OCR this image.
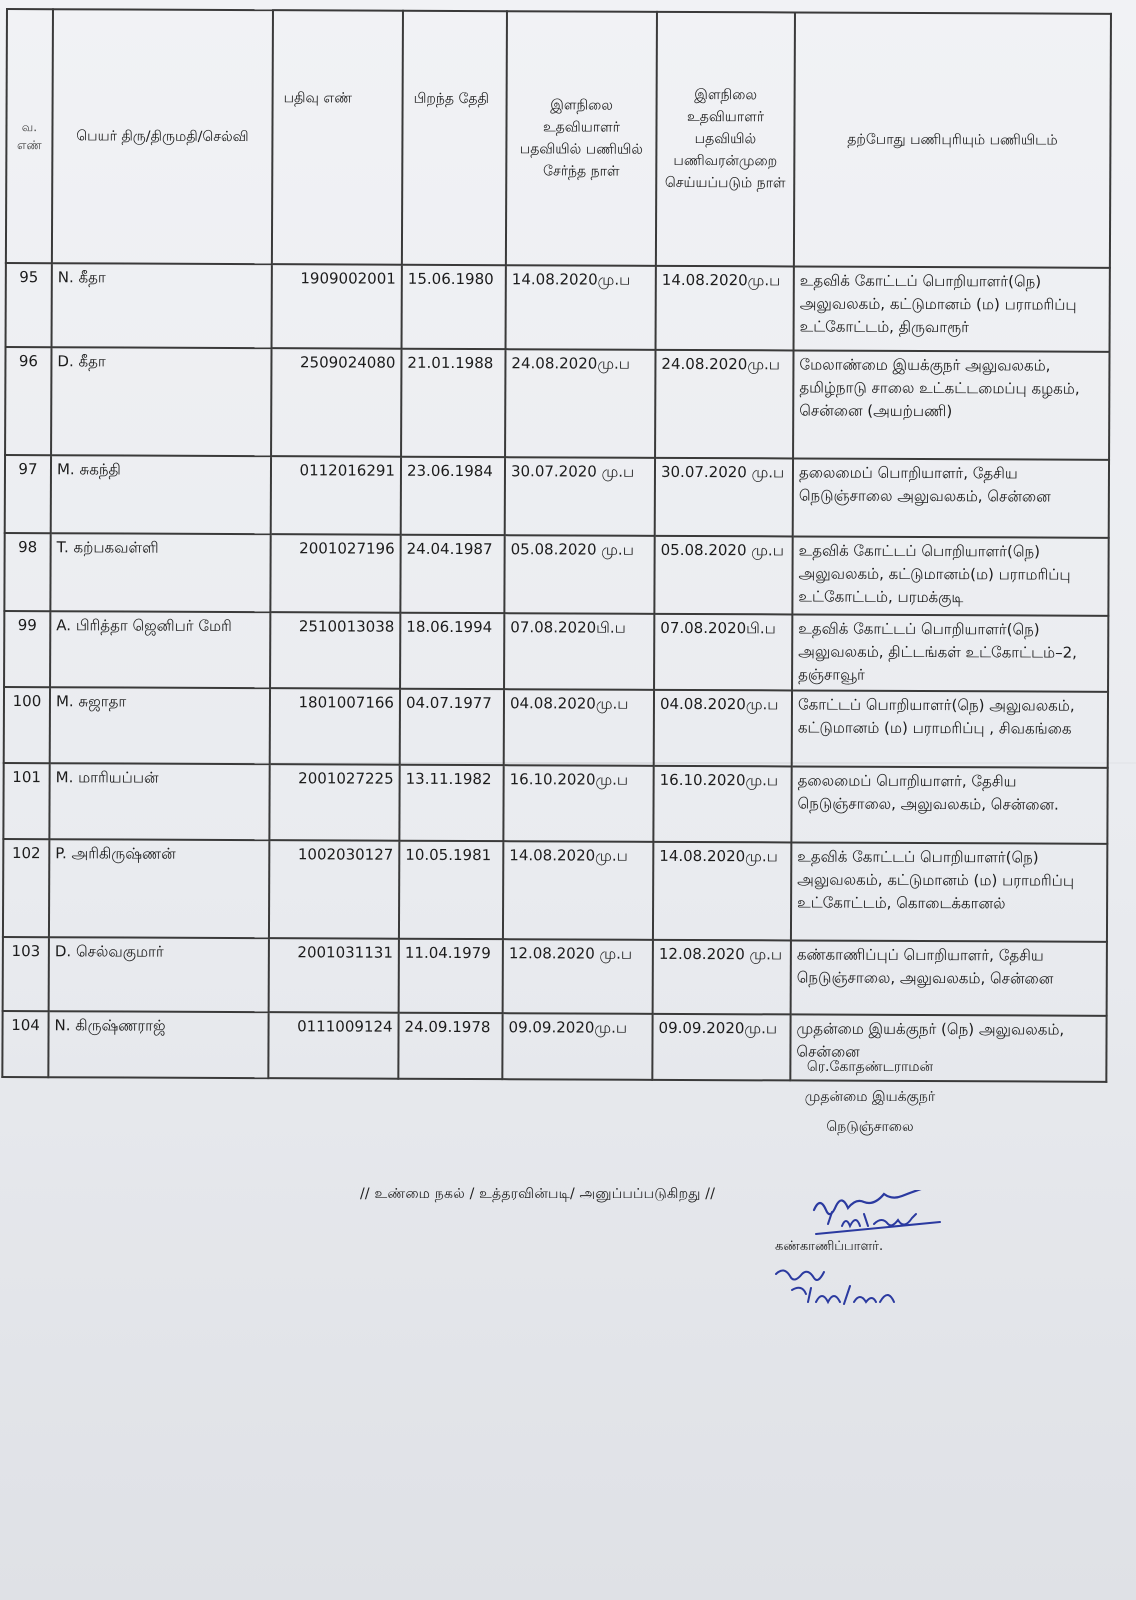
வ. எண்	பெயர் திரு/திருமதி/செல்வி	பதிவு எண்	பிறந்த தேதி	இளநிலை உதவியாளர் பதவியில் பணியில் சேர்ந்த நாள்	இளநிலை உதவியாளர் பதவியில் பணிவரன்முறை செய்யப்படும் நாள்	தற்போது பணிபுரியும் பணியிடம்
95	N. கீதா	1909002001	15.06.1980	14.08.2020மு.ப	14.08.2020மு.ப	உதவிக் கோட்டப் பொறியாளர்(நெ) அலுவலகம், கட்டுமானம் (ம) பராமரிப்பு உட்கோட்டம், திருவாரூர்
96	D. கீதா	2509024080	21.01.1988	24.08.2020மு.ப	24.08.2020மு.ப	மேலாண்மை இயக்குநர் அலுவலகம், தமிழ்நாடு சாலை உட்கட்டமைப்பு கழகம், சென்னை (அயற்பணி)
97	M. சுகந்தி	0112016291	23.06.1984	30.07.2020 மு.ப	30.07.2020 மு.ப	தலைமைப் பொறியாளர், தேசிய நெடுஞ்சாலை அலுவலகம், சென்னை
98	T. கற்பகவள்ளி	2001027196	24.04.1987	05.08.2020 மு.ப	05.08.2020 மு.ப	உதவிக் கோட்டப் பொறியாளர்(நெ) அலுவலகம், கட்டுமானம்(ம) பராமரிப்பு உட்கோட்டம், பரமக்குடி
99	A. பிரித்தா ஜெனிபர் மேரி	2510013038	18.06.1994	07.08.2020பி.ப	07.08.2020பி.ப	உதவிக் கோட்டப் பொறியாளர்(நெ) அலுவலகம், திட்டங்கள் உட்கோட்டம்–2, தஞ்சாவூர்
100	M. சுஜாதா	1801007166	04.07.1977	04.08.2020மு.ப	04.08.2020மு.ப	கோட்டப் பொறியாளர்(நெ) அலுவலகம், கட்டுமானம் (ம) பராமரிப்பு , சிவகங்கை
101	M. மாரியப்பன்	2001027225	13.11.1982	16.10.2020மு.ப	16.10.2020மு.ப	தலைமைப் பொறியாளர், தேசிய நெடுஞ்சாலை, அலுவலகம், சென்னை.
102	P. அரிகிருஷ்ணன்	1002030127	10.05.1981	14.08.2020மு.ப	14.08.2020மு.ப	உதவிக் கோட்டப் பொறியாளர்(நெ) அலுவலகம், கட்டுமானம் (ம) பராமரிப்பு உட்கோட்டம், கொடைக்கானல்
103	D. செல்வகுமார்	2001031131	11.04.1979	12.08.2020 மு.ப	12.08.2020 மு.ப	கண்காணிப்புப் பொறியாளர், தேசிய நெடுஞ்சாலை, அலுவலகம், சென்னை
104	N. கிருஷ்ணராஜ்	0111009124	24.09.1978	09.09.2020மு.ப	09.09.2020மு.ப	முதன்மை இயக்குநர் (நெ) அலுவலகம், சென்னை
ரெ.கோதண்டராமன்
முதன்மை இயக்குநர்
நெடுஞ்சாலை
// உண்மை நகல் / உத்தரவின்படி/ அனுப்பப்படுகிறது //
கண்காணிப்பாளர்.
